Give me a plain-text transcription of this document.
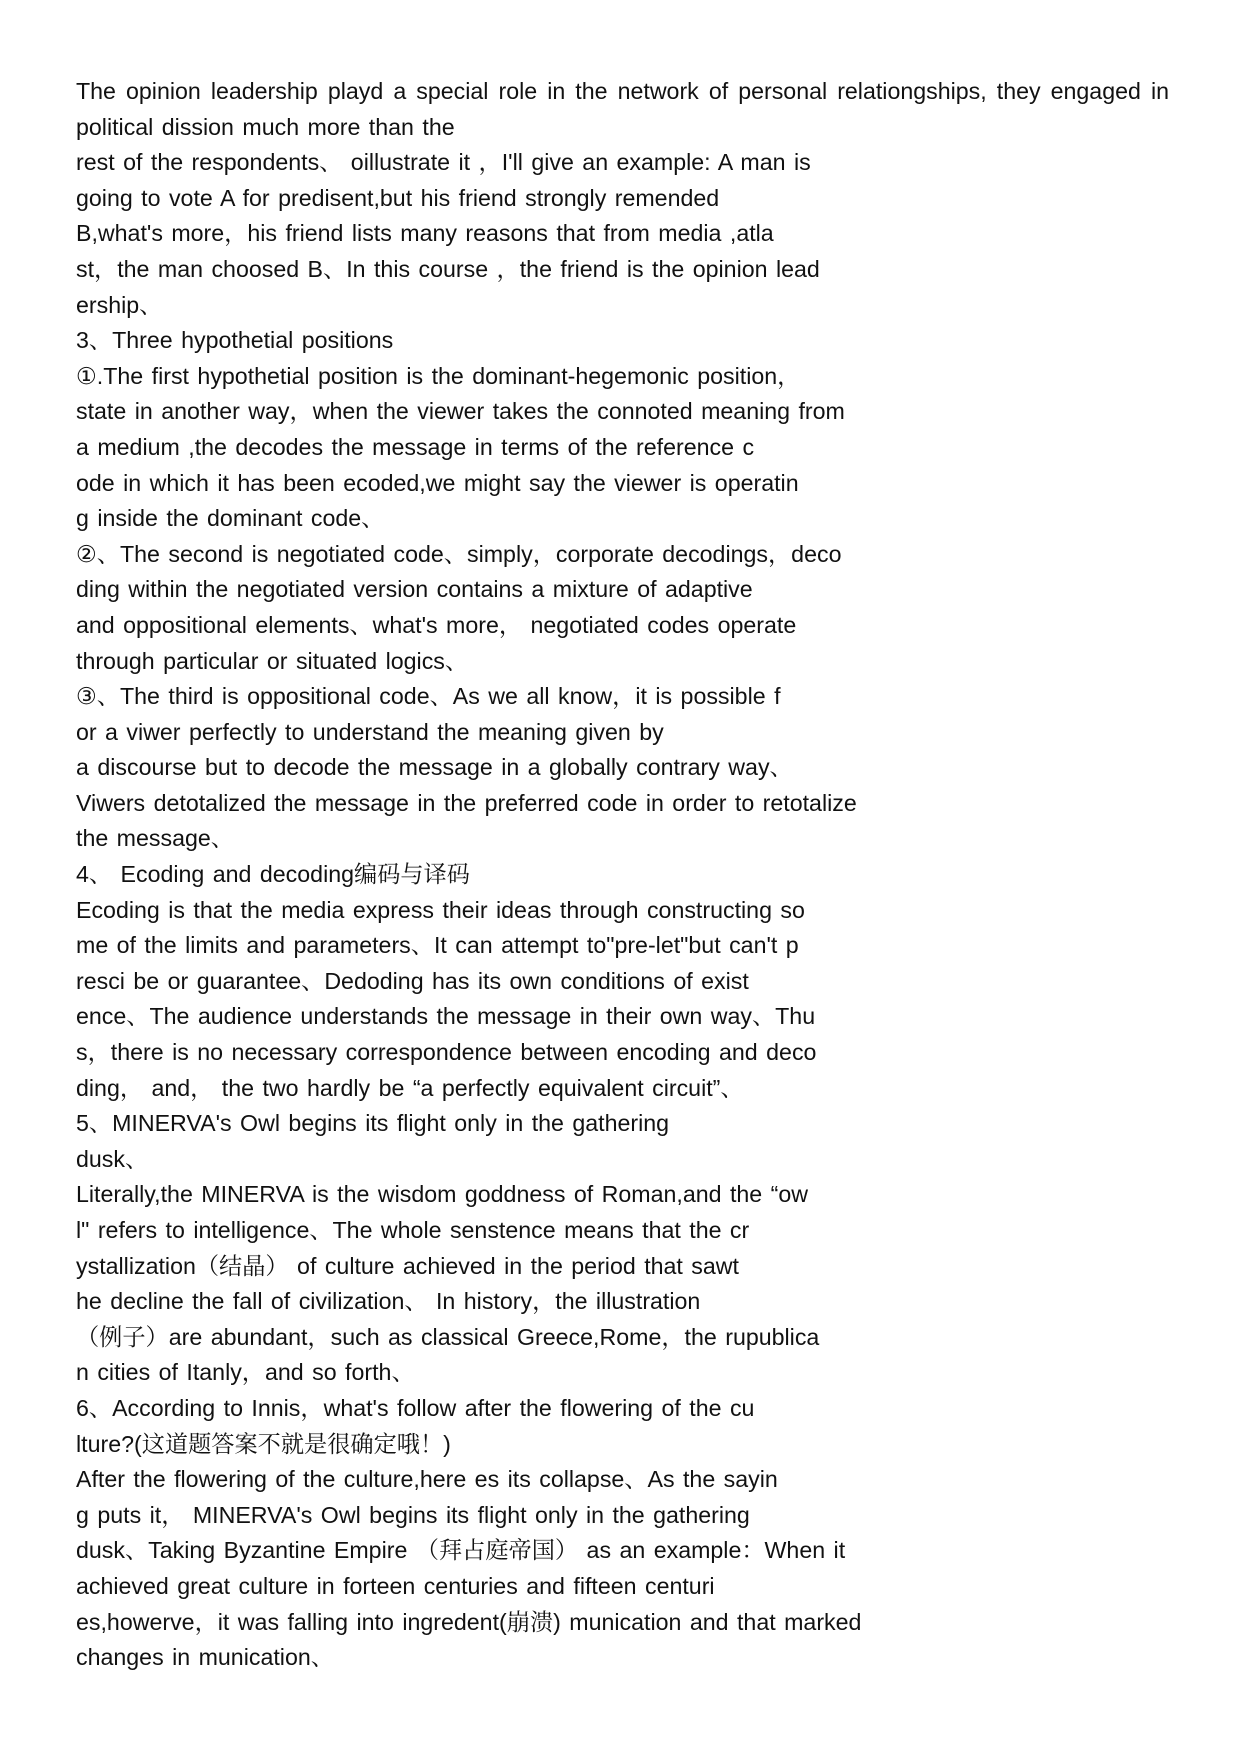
The opinion leadership playd a special role in the network of personal relationgships, they engaged in political dission much more than the
rest of the respondents、 oillustrate it ，I'll give an example: A man is
going to vote A for predisent,but his friend strongly remended
B,what's more，his friend lists many reasons that from media ,atla
st，the man choosed B、In this course ，the friend is the opinion lead
ership、
3、Three hypothetial positions
①.The first hypothetial position is the dominant-hegemonic position，
state in another way，when the viewer takes the connoted meaning from
a medium ,the decodes the message in terms of the reference c
ode in which it has been ecoded,we might say the viewer is operatin
g inside the dominant code、
②、The second is negotiated code、simply，corporate decodings，deco
ding within the negotiated version contains a mixture of adaptive
and oppositional elements、what's more， negotiated codes operate
through particular or situated logics、
③、The third is oppositional code、As we all know，it is possible f
or a viwer perfectly to understand the meaning given by
a discourse but to decode the message in a globally contrary way、
Viwers detotalized the message in the preferred code in order to retotalize
the message、
4、 Ecoding and decoding编码与译码
Ecoding is that the media express their ideas through constructing so
me of the limits and parameters、It can attempt to"pre-let"but can't p
resci be or guarantee、Dedoding has its own conditions of exist
ence、The audience understands the message in their own way、Thu
s，there is no necessary correspondence between encoding and deco
ding， and， the two hardly be “a perfectly equivalent circuit”、
5、MINERVA's Owl begins its flight only in the gathering
dusk、
Literally,the MINERVA is the wisdom goddness of Roman,and the “ow
l" refers to intelligence、The whole senstence means that the cr
ystallization（结晶） of culture achieved in the period that sawt
he decline the fall of civilization、 In history，the illustration
（例子）are abundant，such as classical Greece,Rome，the rupublica
n cities of Itanly，and so forth、
6、According to Innis，what's follow after the flowering of the cu
lture?(这道题答案不就是很确定哦！)
After the flowering of the culture,here es its collapse、As the sayin
g puts it， MINERVA's Owl begins its flight only in the gathering
dusk、Taking Byzantine Empire （拜占庭帝国） as an example：When it
achieved great culture in forteen centuries and fifteen centuri
es,howerve，it was falling into ingredent(崩溃) munication and that marked
changes in munication、
